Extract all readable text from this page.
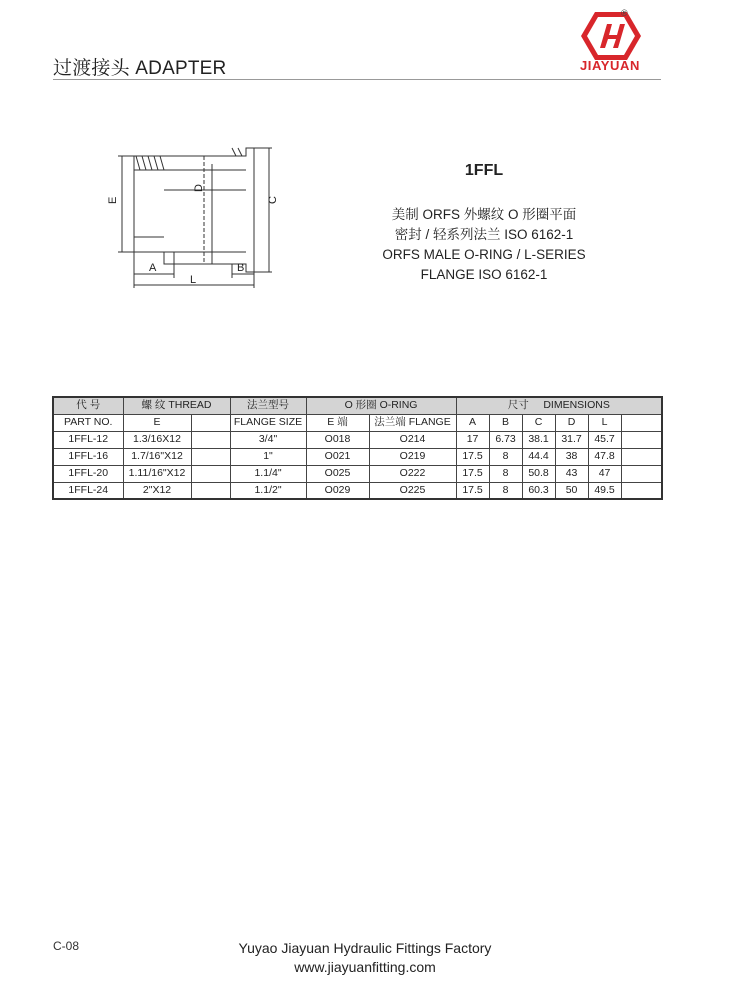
过渡接头 ADAPTER
®
JIAYUAN
E
D
C
A	B
L
1FFL
美制 ORFS 外螺纹 O 形圈平面
密封 / 轻系列法兰 ISO 6162-1
ORFS MALE O-RING / L-SERIES
FLANGE ISO 6162-1
代 号	螺 纹 THREAD		法兰型号	O 形圈 O-RING		尺寸 DIMENSIONS					
PART NO.	E		FLANGE SIZE	E 端	法兰端 FLANGE	A	B	C	D	L	
1FFL-12	1.3/16X12		3/4"	O018	O214	17	6.73	38.1	31.7	45.7	
1FFL-16	1.7/16"X12		1"	O021	O219	17.5	8	44.4	38	47.8	
1FFL-20	1.11/16"X12		1.1/4"	O025	O222	17.5	8	50.8	43	47	
1FFL-24	2"X12		1.1/2"	O029	O225	17.5	8	60.3	50	49.5	
C-08	Yuyao Jiayuan Hydraulic Fittings Factory
www.jiayuanfitting.com
